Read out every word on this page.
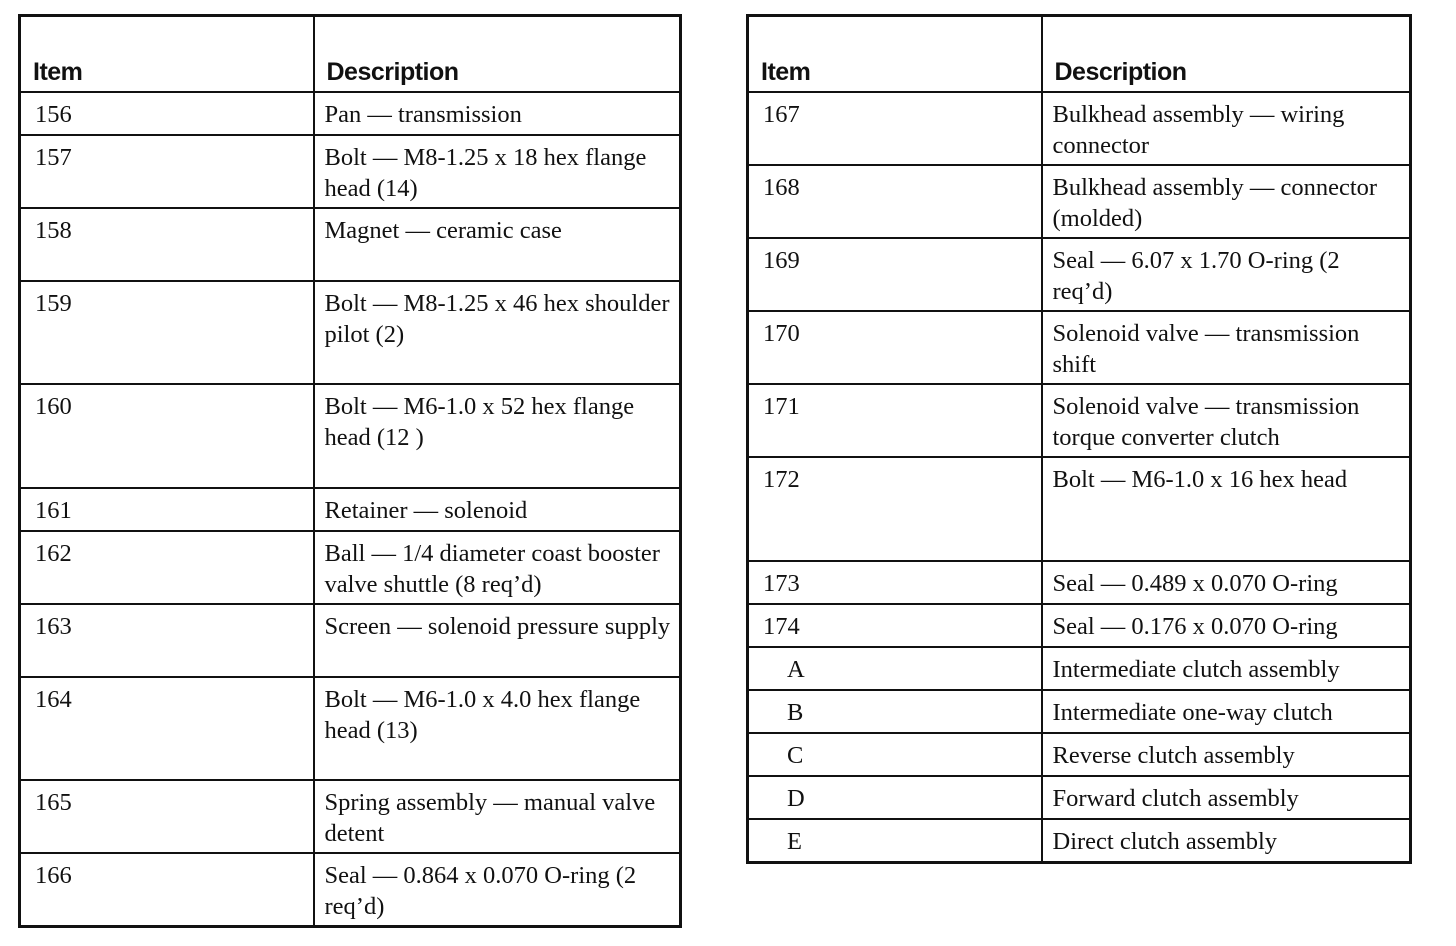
Item	Description
156	Pan — transmission
157	Bolt — M8-1.25 x 18 hex flange head (14)
158	Magnet — ceramic case
159	Bolt — M8-1.25 x 46 hex shoulder pilot (2)
160	Bolt — M6-1.0 x 52 hex flange head (12 )
161	Retainer — solenoid
162	Ball — 1/4 diameter coast booster valve shuttle (8 req’d)
163	Screen — solenoid pressure supply
164	Bolt — M6-1.0 x 4.0 hex flange head (13)
165	Spring assembly — manual valve detent
166	Seal — 0.864 x 0.070 O-ring (2 req’d)
Item	Description
167	Bulkhead assembly — wiring connector
168	Bulkhead assembly — connector (molded)
169	Seal — 6.07 x 1.70 O-ring (2 req’d)
170	Solenoid valve — transmission shift
171	Solenoid valve — transmission torque converter clutch
172	Bolt — M6-1.0 x 16 hex head
173	Seal — 0.489 x 0.070 O-ring
174	Seal — 0.176 x 0.070 O-ring
A	Intermediate clutch assembly
B	Intermediate one-way clutch
C	Reverse clutch assembly
D	Forward clutch assembly
E	Direct clutch assembly
